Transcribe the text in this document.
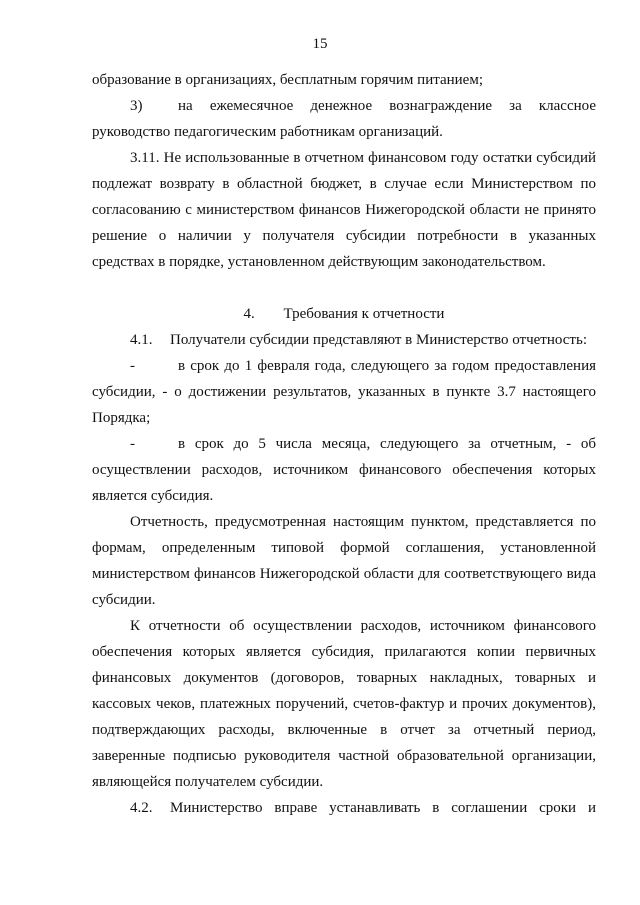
15

образование в организациях, бесплатным горячим питанием;

3) на ежемесячное денежное вознаграждение за классное

руководство педагогическим работникам организаций.

3.11. Не использованные в отчетном финансовом году остатки субсидий подлежат возврату в областной бюджет, в случае если Министерством по согласованию с министерством финансов Нижегородской области не принято решение о наличии у получателя субсидии потребности в указанных средствах в порядке, установленном действующим законодательством.

4. Требования к отчетности

4.1. Получатели субсидии представляют в Министерство отчетность:

-	в срок до 1 февраля года, следующего за годом предоставления субсидии, - о достижении результатов, указанных в пункте 3.7 настоящего Порядка;

-	в срок до 5 числа месяца, следующего за отчетным, - об осуществлении расходов, источником финансового обеспечения которых является субсидия.

Отчетность, предусмотренная настоящим пунктом, представляется по формам, определенным типовой формой соглашения, установленной министерством финансов Нижегородской области для соответствующего вида субсидии.

К отчетности об осуществлении расходов, источником финансового обеспечения которых является субсидия, прилагаются копии первичных финансовых документов (договоров, товарных накладных, товарных и кассовых чеков, платежных поручений, счетов-фактур и прочих документов), подтверждающих расходы, включенные в отчет за отчетный период, заверенные подписью руководителя частной образовательной организации, являющейся получателем субсидии.

4.2. Министерство вправе устанавливать в соглашении сроки и
